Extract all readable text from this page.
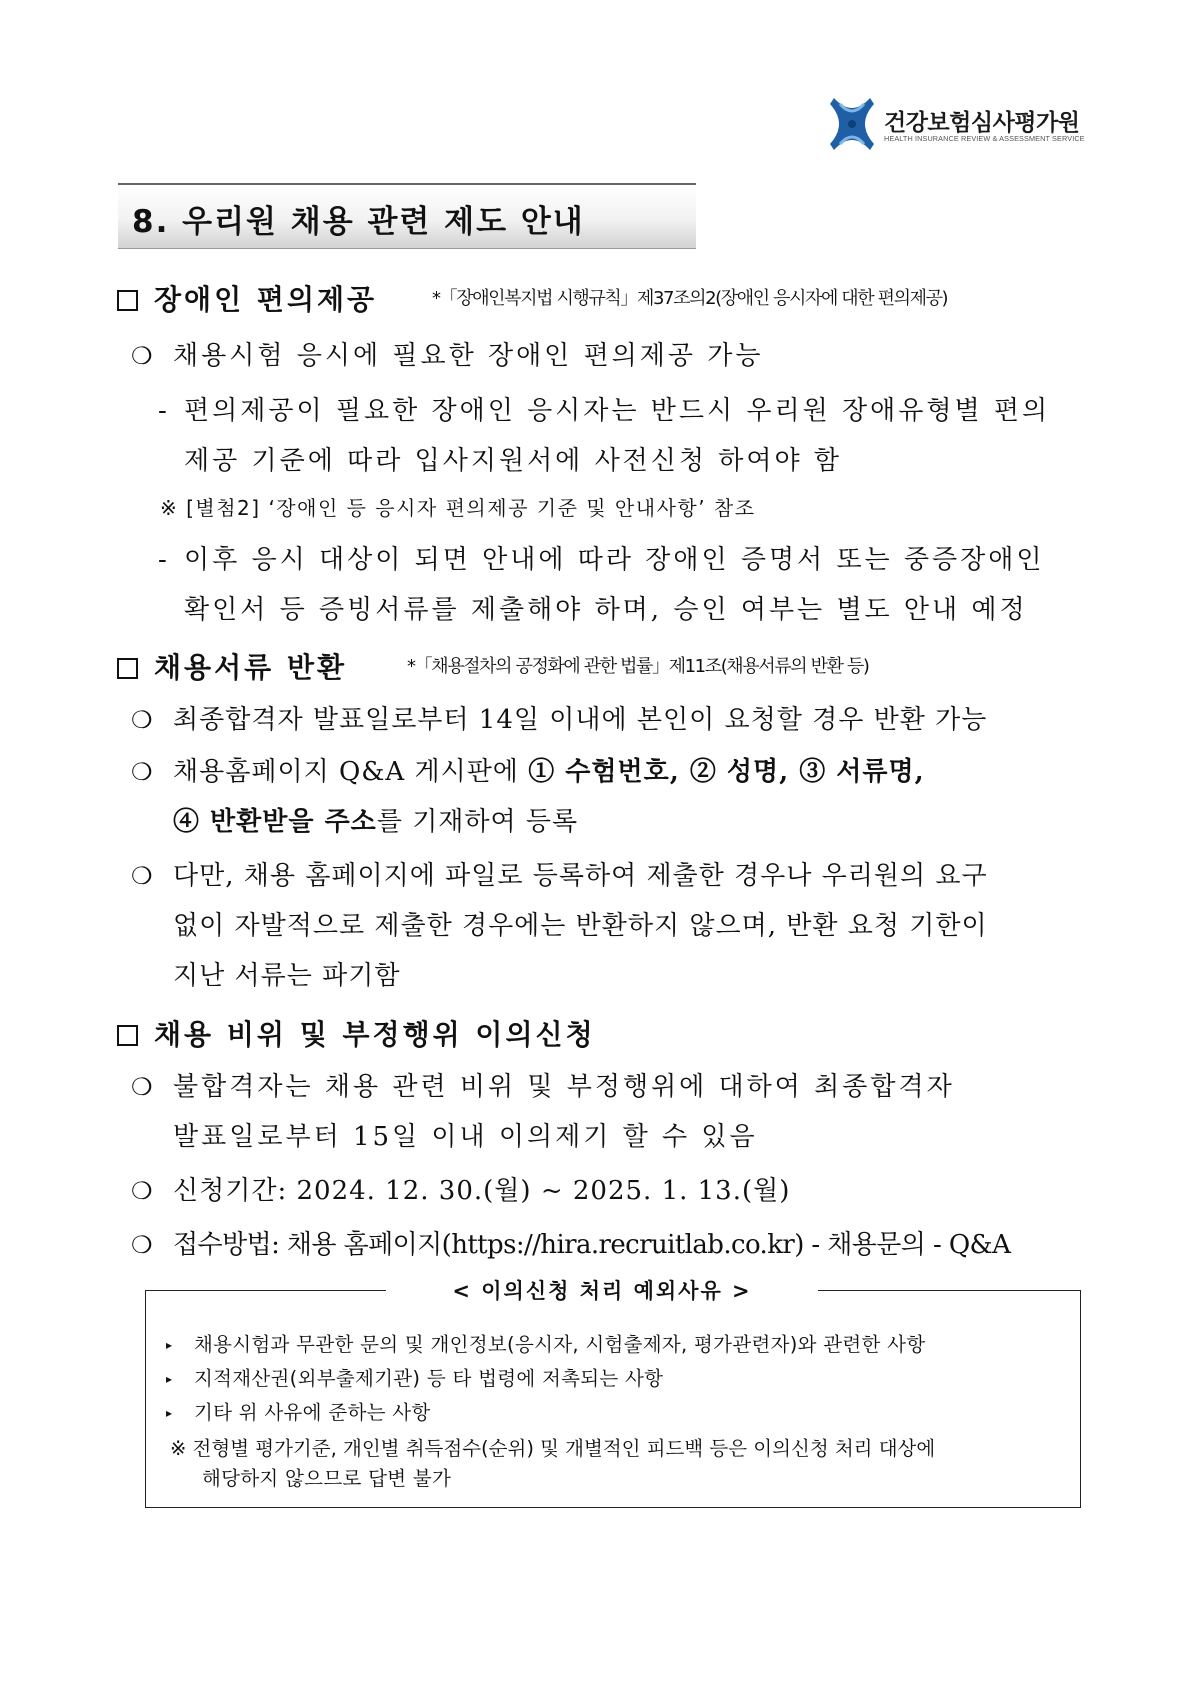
건강보험심사평가원
HEALTH INSURANCE REVIEW & ASSESSMENT SERVICE
8. 우리원 채용 관련 제도 안내
장애인 편의제공	*「장애인복지법 시행규칙」제37조의2(장애인 응시자에 대한 편의제공)
❍ 채용시험 응시에 필요한 장애인 편의제공 가능
- 편의제공이 필요한 장애인 응시자는 반드시 우리원 장애유형별 편의
제공 기준에 따라 입사지원서에 사전신청 하여야 함
※ [별첨2] ‘장애인 등 응시자 편의제공 기준 및 안내사항’ 참조
- 이후 응시 대상이 되면 안내에 따라 장애인 증명서 또는 중증장애인
확인서 등 증빙서류를 제출해야 하며, 승인 여부는 별도 안내 예정
채용서류 반환	*「채용절차의 공정화에 관한 법률」제11조(채용서류의 반환 등)
❍ 최종합격자 발표일로부터 14일 이내에 본인이 요청할 경우 반환 가능
❍ 채용홈페이지 Q&A 게시판에 ① 수험번호, ② 성명, ③ 서류명,
④ 반환받을 주소를 기재하여 등록
❍ 다만, 채용 홈페이지에 파일로 등록하여 제출한 경우나 우리원의 요구
없이 자발적으로 제출한 경우에는 반환하지 않으며, 반환 요청 기한이
지난 서류는 파기함
채용 비위 및 부정행위 이의신청
❍ 불합격자는 채용 관련 비위 및 부정행위에 대하여 최종합격자
발표일로부터 15일 이내 이의제기 할 수 있음
❍ 신청기간: 2024. 12. 30.(월) ~ 2025. 1. 13.(월)
❍ 접수방법: 채용 홈페이지(https://hira.recruitlab.co.kr) - 채용문의 - Q&A
< 이의신청 처리 예외사유 >
▸ 채용시험과 무관한 문의 및 개인정보(응시자, 시험출제자, 평가관련자)와 관련한 사항
▸ 지적재산권(외부출제기관) 등 타 법령에 저촉되는 사항
▸ 기타 위 사유에 준하는 사항
※ 전형별 평가기준, 개인별 취득점수(순위) 및 개별적인 피드백 등은 이의신청 처리 대상에
해당하지 않으므로 답변 불가
